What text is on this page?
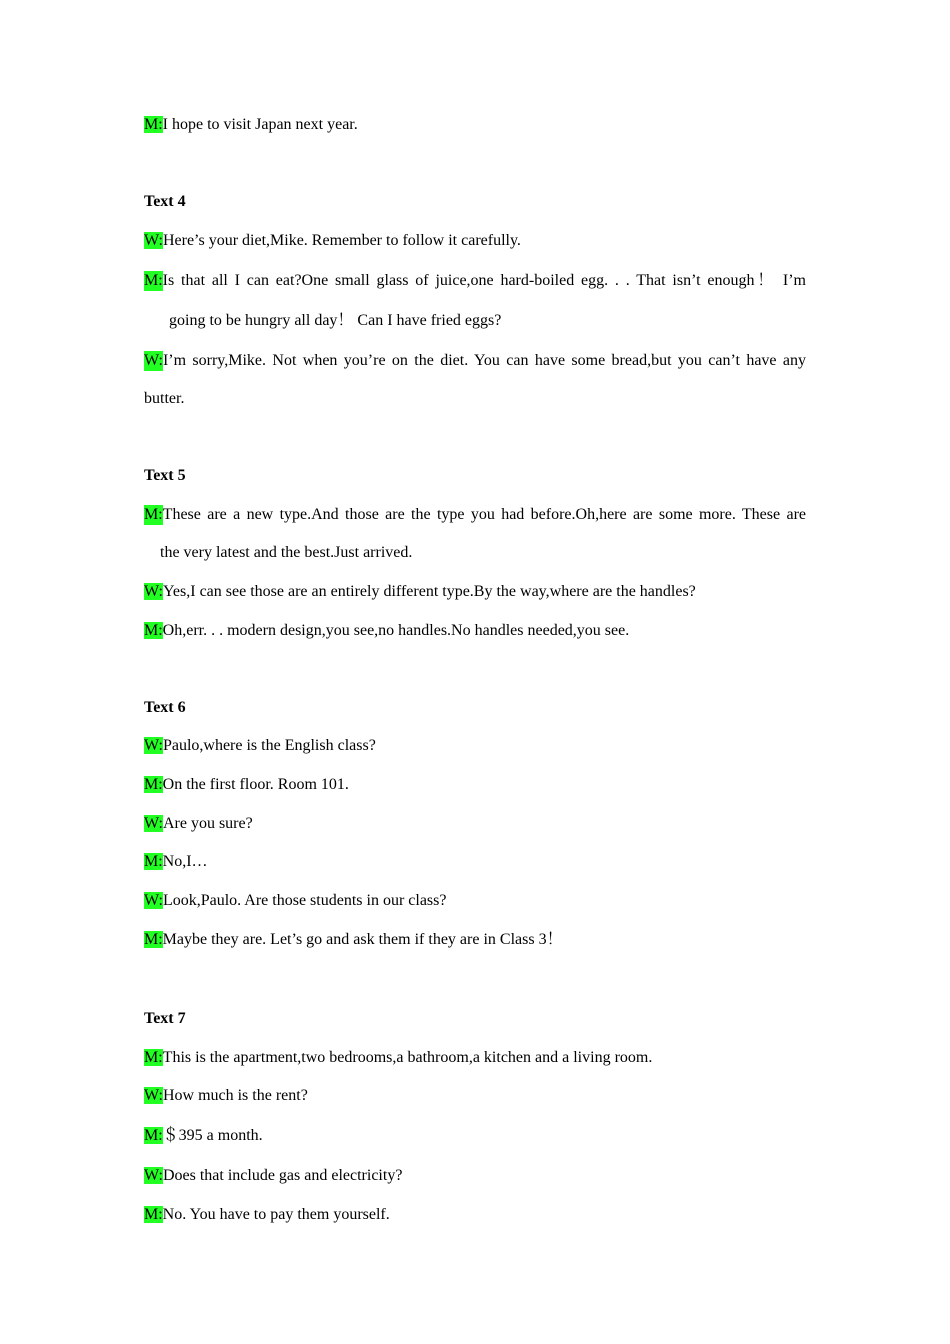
M:I hope to visit Japan next year.
Text 4
W:Here’s your diet,Mike. Remember to follow it carefully.
M: Is that all I can eat?One small glass of juice,one hard-boiled egg. . . That isn’t enough！ I’m
going to be hungry all day！ Can I have fried eggs?
W: I’m sorry,Mike. Not when you’re on the diet. You can have some bread,but you can’t have any
butter.
Text 5
M: These are a new type.And those are the type you had before.Oh,here are some more. These are
the very latest and the best.Just arrived.
W:Yes,I can see those are an entirely different type.By the way,where are the handles?
M:Oh,err. . . modern design,you see,no handles.No handles needed,you see.
Text 6
W:Paulo,where is the English class?
M:On the first floor. Room 101.
W:Are you sure?
M:No,I…
W:Look,Paulo. Are those students in our class?
M:Maybe they are. Let’s go and ask them if they are in Class 3！
Text 7
M:This is the apartment,two bedrooms,a bathroom,a kitchen and a living room.
W:How much is the rent?
M:＄395 a month.
W:Does that include gas and electricity?
M:No. You have to pay them yourself.
